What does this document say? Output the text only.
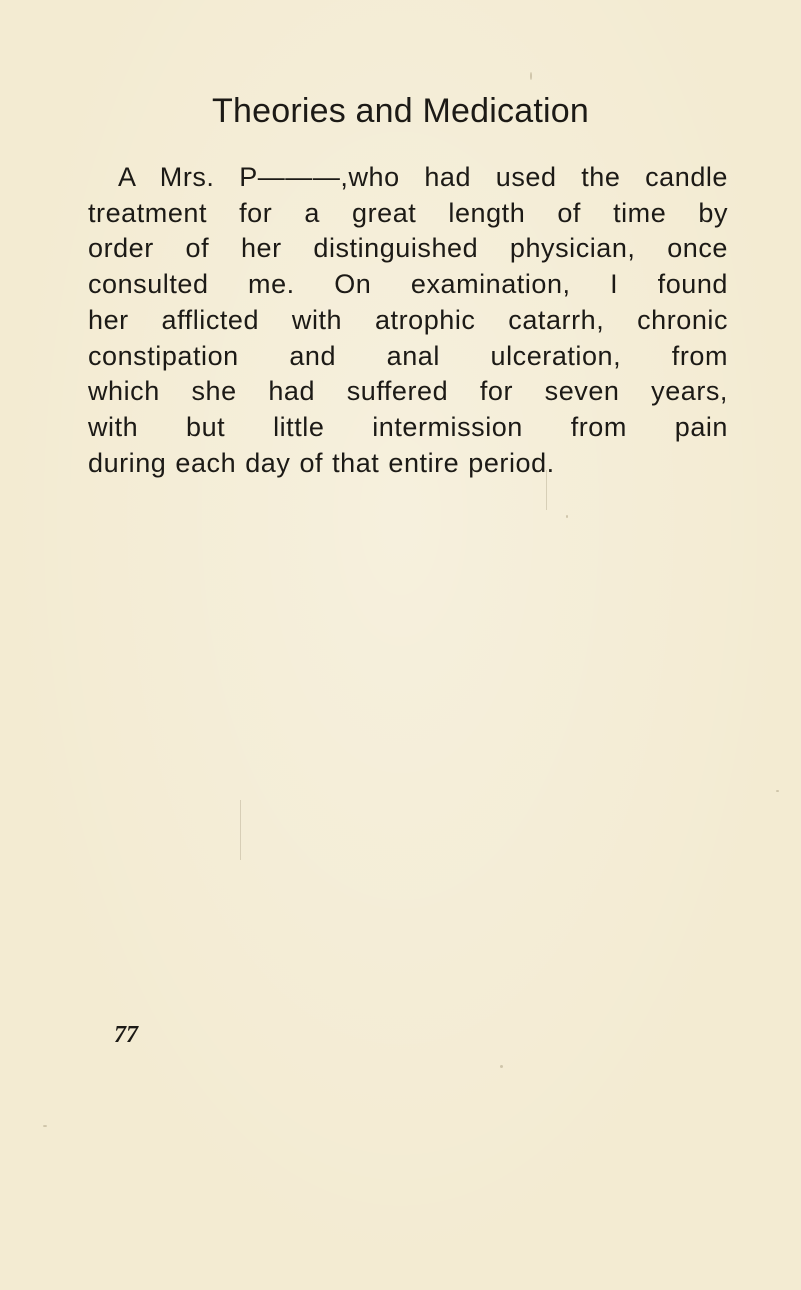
Theories and Medication
A Mrs. P———,who had used the candle
treatment for a great length of time by
order of her distinguished physician, once
consulted me. On examination, I found
her afflicted with atrophic catarrh, chronic
constipation and anal ulceration, from
which she had suffered for seven years,
with but little intermission from pain
during each day of that entire period.

77
